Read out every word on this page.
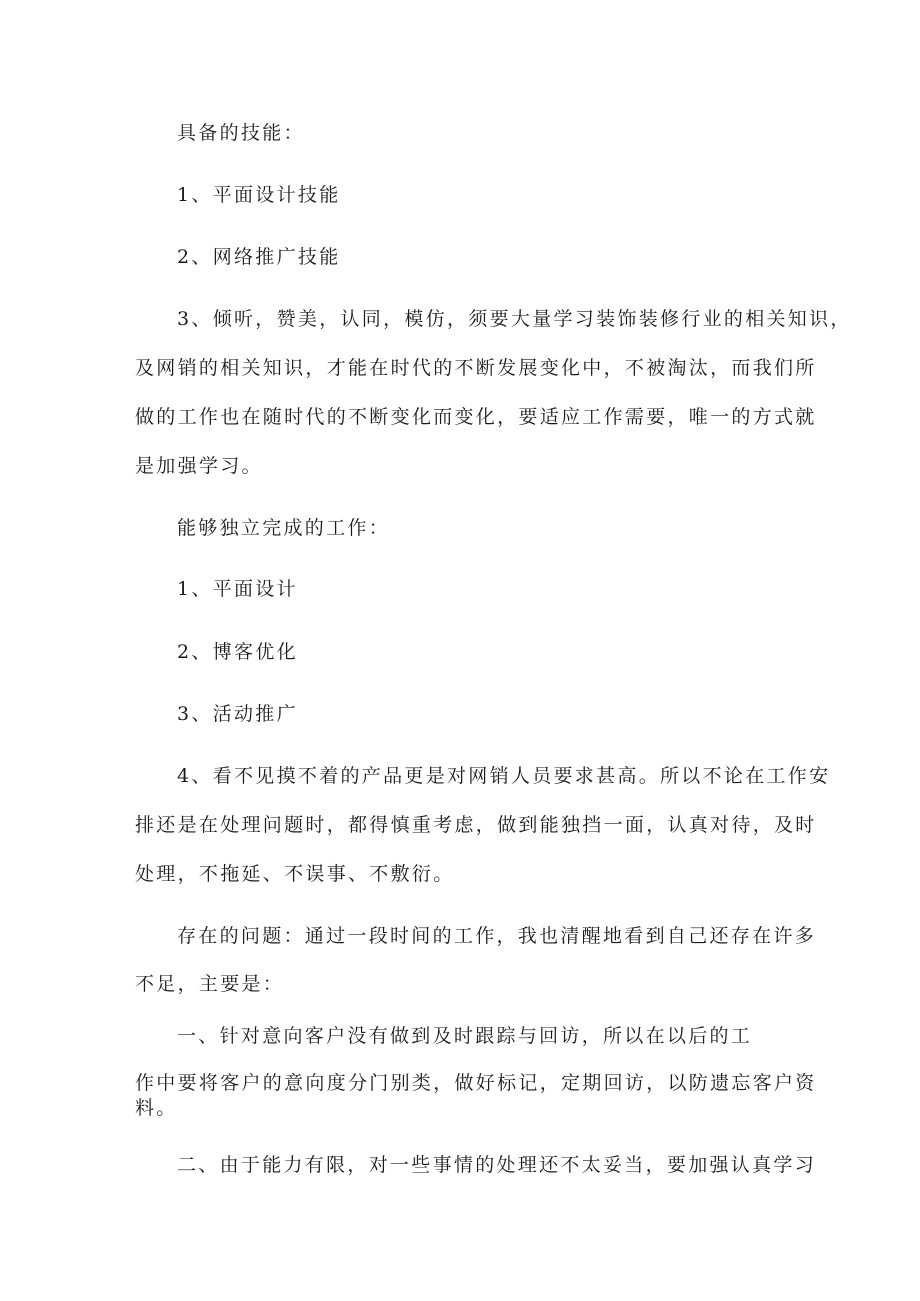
具备的技能：

1、平面设计技能

2、网络推广技能

3、倾听，赞美，认同，模仿，须要大量学习装饰装修行业的相关知识，

及网销的相关知识，才能在时代的不断发展变化中，不被淘汰，而我们所

做的工作也在随时代的不断变化而变化，要适应工作需要，唯一的方式就

是加强学习。

能够独立完成的工作：

1、平面设计

2、博客优化

3、活动推广

4、看不见摸不着的产品更是对网销人员要求甚高。所以不论在工作安

排还是在处理问题时，都得慎重考虑，做到能独挡一面，认真对待，及时

处理，不拖延、不误事、不敷衍。

存在的问题：通过一段时间的工作，我也清醒地看到自己还存在许多

不足，主要是：

一、针对意向客户没有做到及时跟踪与回访，所以在以后的工

作中要将客户的意向度分门别类，做好标记，定期回访，以防遗忘客户资

料。

二、由于能力有限，对一些事情的处理还不太妥当，要加强认真学习
